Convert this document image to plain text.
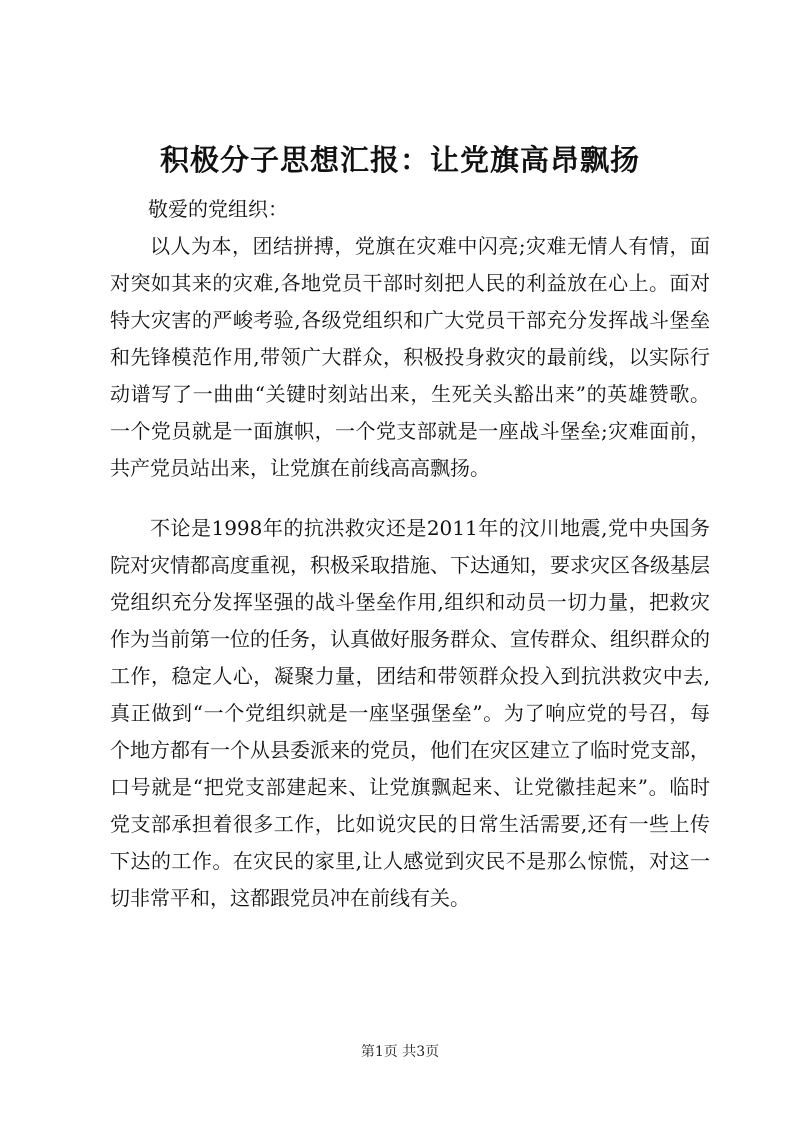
积极分子思想汇报：让党旗高昂飘扬

敬爱的党组织：

以人为本，团结拼搏，党旗在灾难中闪亮;灾难无情人有情，面对突如其来的灾难,各地党员干部时刻把人民的利益放在心上。面对特大灾害的严峻考验,各级党组织和广大党员干部充分发挥战斗堡垒和先锋模范作用,带领广大群众，积极投身救灾的最前线，以实际行动谱写了一曲曲“关键时刻站出来，生死关头豁出来”的英雄赞歌。一个党员就是一面旗帜，一个党支部就是一座战斗堡垒;灾难面前，共产党员站出来，让党旗在前线高高飘扬。

不论是1998年的抗洪救灾还是2011年的汶川地震,党中央国务院对灾情都高度重视，积极采取措施、下达通知，要求灾区各级基层党组织充分发挥坚强的战斗堡垒作用,组织和动员一切力量，把救灾作为当前第一位的任务，认真做好服务群众、宣传群众、组织群众的工作，稳定人心，凝聚力量，团结和带领群众投入到抗洪救灾中去,真正做到“一个党组织就是一座坚强堡垒”。为了响应党的号召，每个地方都有一个从县委派来的党员，他们在灾区建立了临时党支部，口号就是“把党支部建起来、让党旗飘起来、让党徽挂起来”。临时党支部承担着很多工作，比如说灾民的日常生活需要,还有一些上传下达的工作。在灾民的家里,让人感觉到灾民不是那么惊慌，对这一切非常平和，这都跟党员冲在前线有关。

第1页 共3页
